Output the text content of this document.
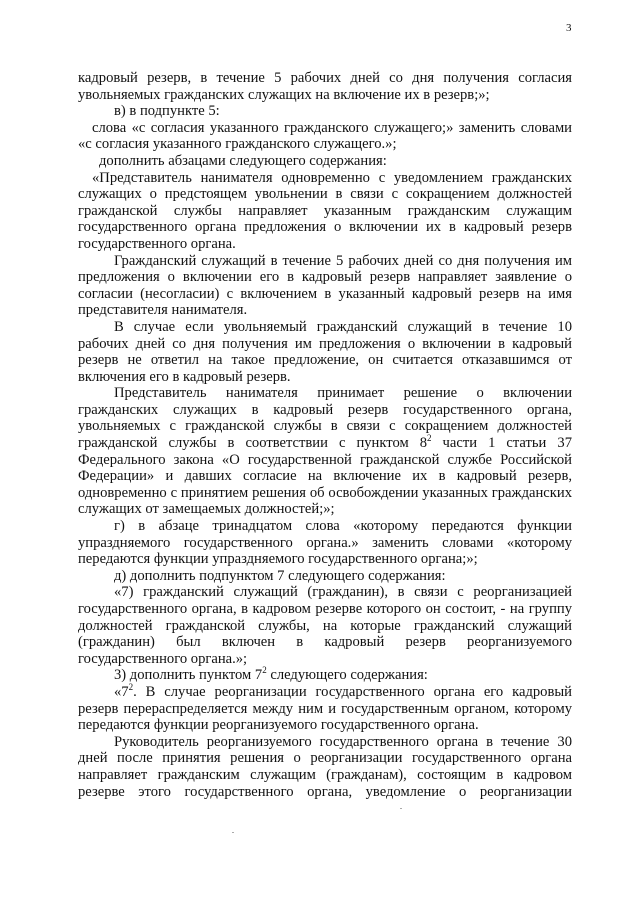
3

кадровый резерв, в течение 5 рабочих дней со дня получения согласия увольняемых гражданских служащих на включение их в резерв;»;

в) в подпункте 5:

слова «с согласия указанного гражданского служащего;» заменить словами «с согласия указанного гражданского служащего.»;

дополнить абзацами следующего содержания:

«Представитель нанимателя одновременно с уведомлением гражданских служащих о предстоящем увольнении в связи с сокращением должностей гражданской службы направляет указанным гражданским служащим государственного органа предложения о включении их в кадровый резерв государственного органа.

Гражданский служащий в течение 5 рабочих дней со дня получения им предложения о включении его в кадровый резерв направляет заявление о согласии (несогласии) с включением в указанный кадровый резерв на имя представителя нанимателя.

В случае если увольняемый гражданский служащий в течение 10 рабочих дней со дня получения им предложения о включении в кадровый резерв не ответил на такое предложение, он считается отказавшимся от включения его в кадровый резерв.

Представитель нанимателя принимает решение о включении гражданских служащих в кадровый резерв государственного органа, увольняемых с гражданской службы в связи с сокращением должностей гражданской службы в соответствии с пунктом $8^2$ части 1 статьи 37 Федерального закона «О государственной гражданской службе Российской Федерации» и давших согласие на включение их в кадровый резерв, одновременно с принятием решения об освобождении указанных гражданских служащих от замещаемых должностей;»;

г) в абзаце тринадцатом слова «которому передаются функции упраздняемого государственного органа.» заменить словами «которому передаются функции упраздняемого государственного органа;»;

д) дополнить подпунктом 7 следующего содержания:

«7) гражданский служащий (гражданин), в связи с реорганизацией государственного органа, в кадровом резерве которого он состоит, - на группу должностей гражданской службы, на которые гражданский служащий (гражданин) был включен в кадровый резерв реорганизуемого государственного органа.»;

3) дополнить пунктом $7^2$ следующего содержания:

«$7^2$. В случае реорганизации государственного органа его кадровый резерв перераспределяется между ним и государственным органом, которому передаются функции реорганизуемого государственного органа.

Руководитель реорганизуемого государственного органа в течение 30 дней после принятия решения о реорганизации государственного органа направляет гражданским служащим (гражданам), состоящим в кадровом резерве этого государственного органа, уведомление о реорганизации
